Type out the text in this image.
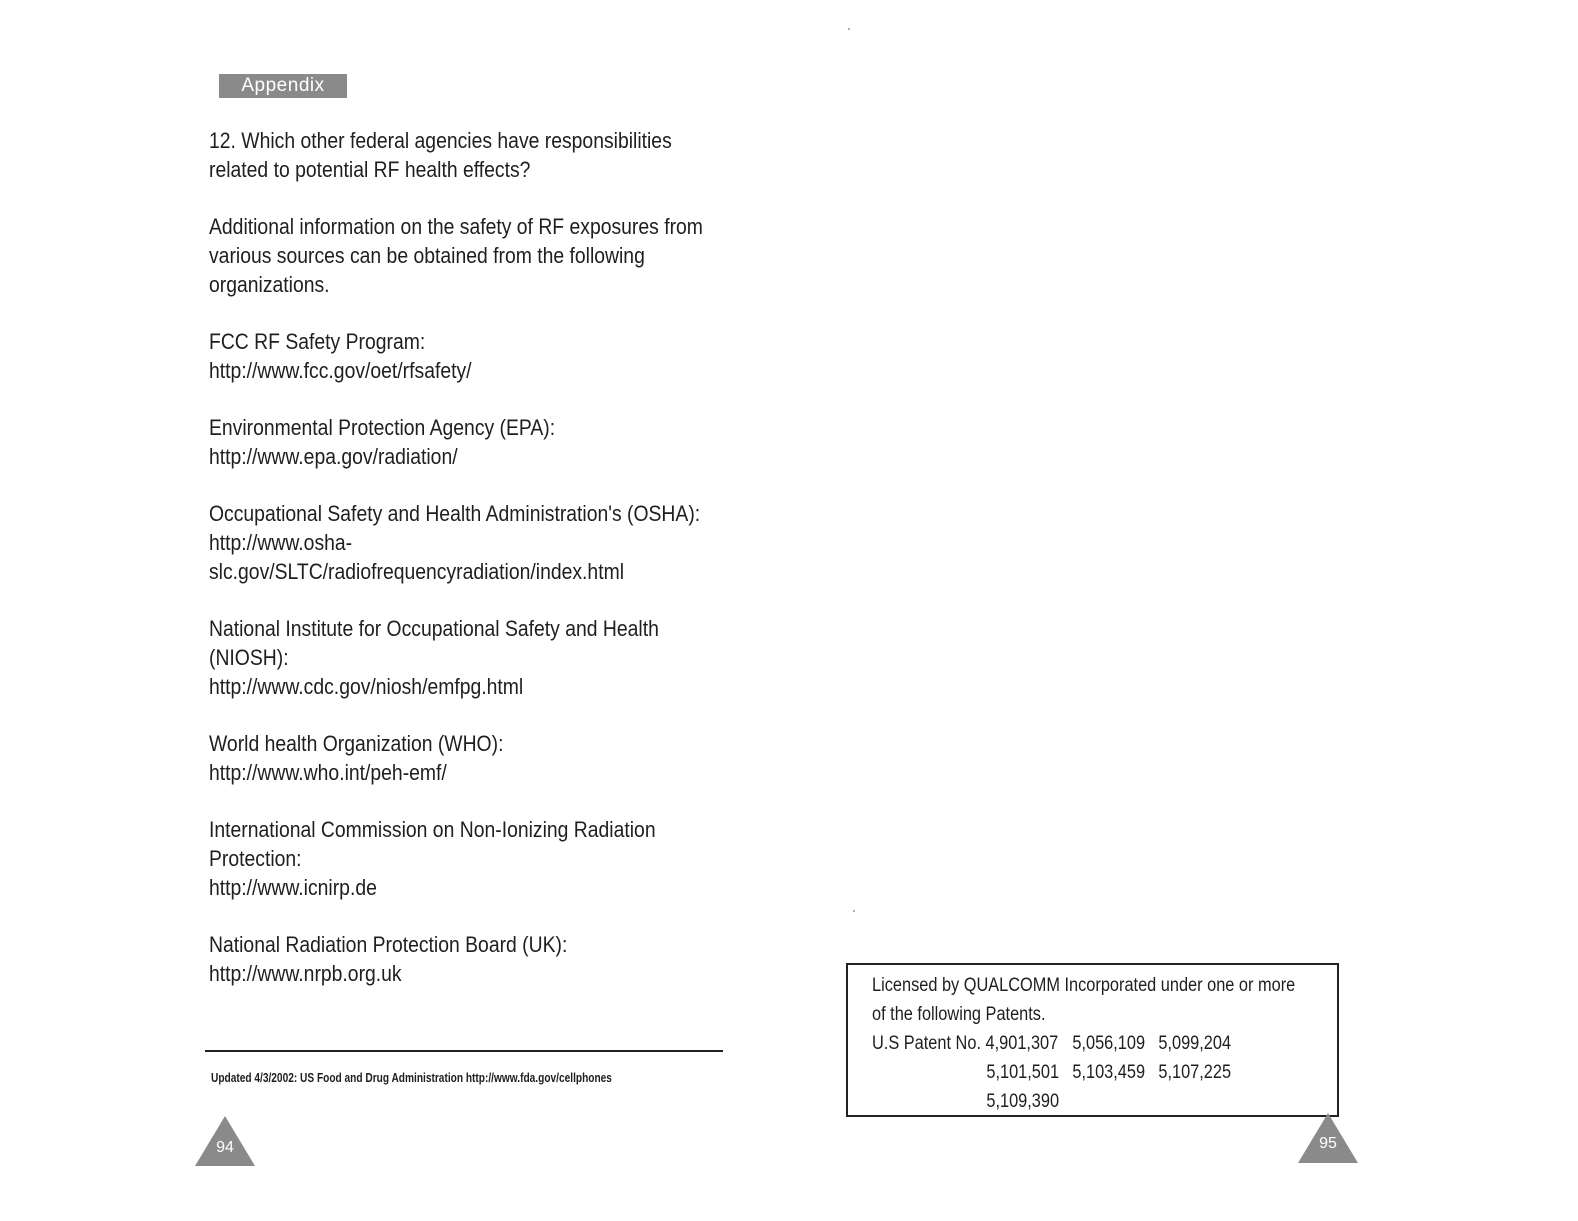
Appendix
12. Which other federal agencies have responsibilities
related to potential RF health effects?
Additional information on the safety of RF exposures from
various sources can be obtained from the following
organizations.
FCC RF Safety Program:
http://www.fcc.gov/oet/rfsafety/
Environmental Protection Agency (EPA):
http://www.epa.gov/radiation/
Occupational Safety and Health Administration's (OSHA):
http://www.osha-
slc.gov/SLTC/radiofrequencyradiation/index.html
National Institute for Occupational Safety and Health
(NIOSH):
http://www.cdc.gov/niosh/emfpg.html
World health Organization (WHO):
http://www.who.int/peh-emf/
International Commission on Non-Ionizing Radiation
Protection:
http://www.icnirp.de
National Radiation Protection Board (UK):
http://www.nrpb.org.uk
Updated 4/3/2002: US Food and Drug Administration http://www.fda.gov/cellphones
94
Licensed by QUALCOMM Incorporated under one or more
of the following Patents.
U.S Patent No. 4,901,307 5,056,109 5,099,204
5,101,501 5,103,459 5,107,225
5,109,390
95
